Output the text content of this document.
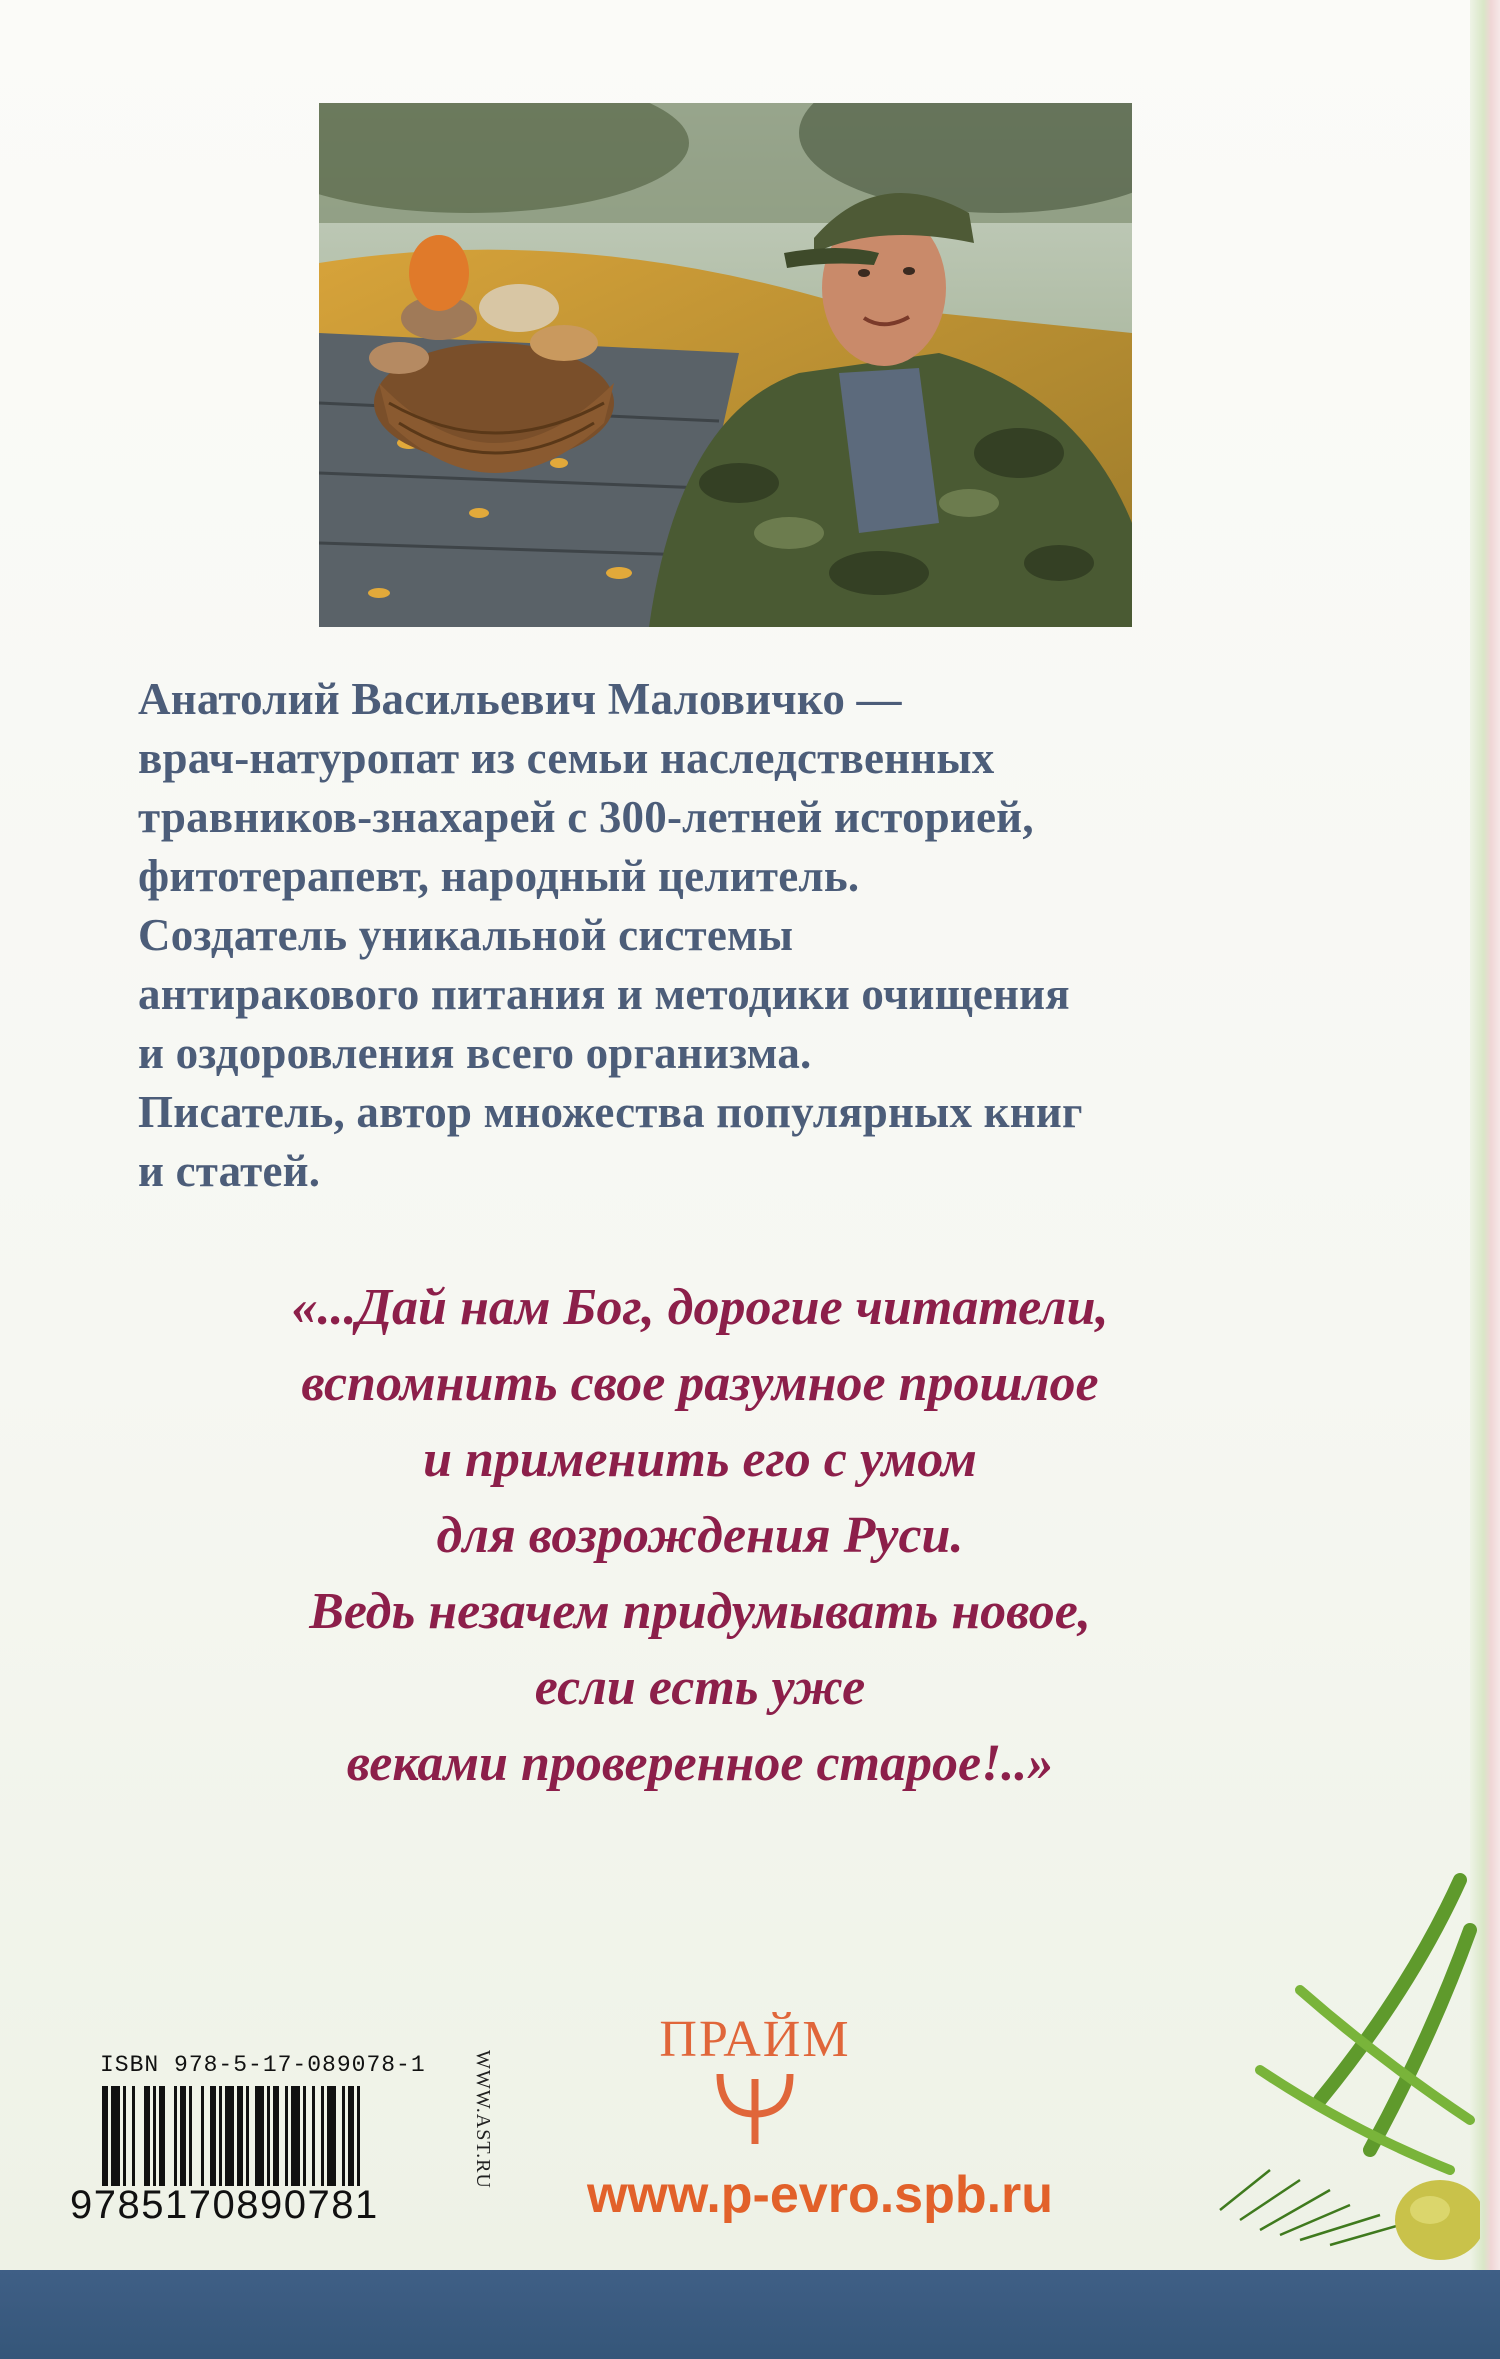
Анатолий Васильевич Маловичко —
врач-натуропат из семьи наследственных
травников-знахарей с 300-летней историей,
фитотерапевт, народный целитель.
Создатель уникальной системы
антиракового питания и методики очищения
и оздоровления всего организма.
Писатель, автор множества популярных книг
и статей.
«...Дай нам Бог, дорогие читатели,
вспомнить свое разумное прошлое
и применить его с умом
для возрождения Руси.
Ведь незачем придумывать новое,
если есть уже
веками проверенное старое!..»
ISBN 978-5-17-089078-1
9785170890781
WWW.AST.RU
ПРАЙМ
www.p-evro.spb.ru
